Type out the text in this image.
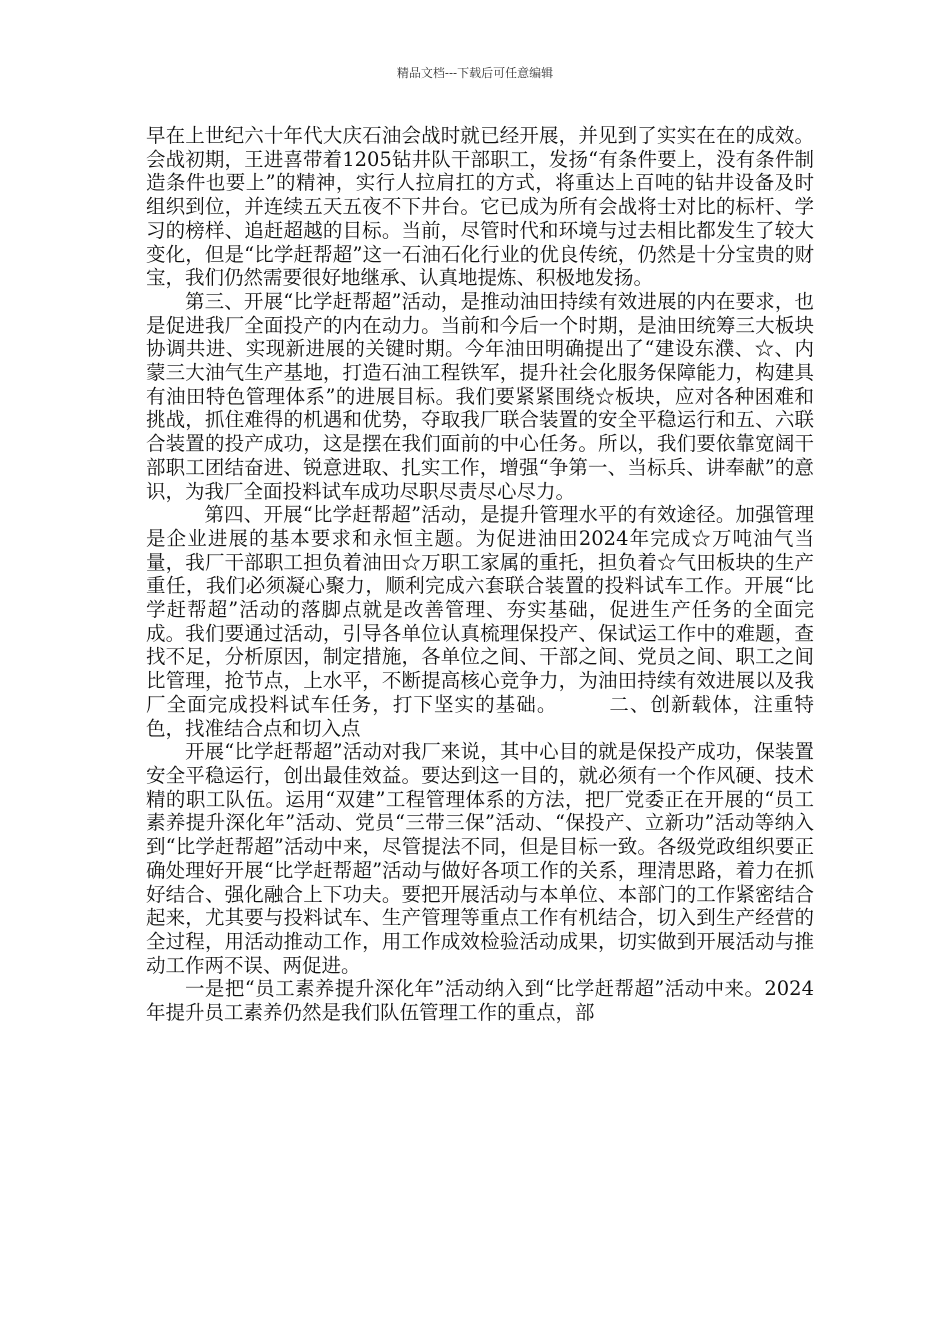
精品文档---下载后可任意编辑

早在上世纪六十年代大庆石油会战时就已经开展，并见到了实实在在的成效。会战初期，王进喜带着1205钻井队干部职工，发扬“有条件要上，没有条件制造条件也要上”的精神，实行人拉肩扛的方式，将重达上百吨的钻井设备及时组织到位，并连续五天五夜不下井台。它已成为所有会战将士对比的标杆、学习的榜样、追赶超越的目标。当前，尽管时代和环境与过去相比都发生了较大变化，但是“比学赶帮超”这一石油石化行业的优良传统，仍然是十分宝贵的财宝，我们仍然需要很好地继承、认真地提炼、积极地发扬。

第三、开展“比学赶帮超”活动，是推动油田持续有效进展的内在要求，也是促进我厂全面投产的内在动力。当前和今后一个时期，是油田统筹三大板块协调共进、实现新进展的关键时期。今年油田明确提出了“建设东濮、☆、内蒙三大油气生产基地，打造石油工程铁军，提升社会化服务保障能力，构建具有油田特色管理体系”的进展目标。我们要紧紧围绕☆板块，应对各种困难和挑战，抓住难得的机遇和优势，夺取我厂联合装置的安全平稳运行和五、六联合装置的投产成功，这是摆在我们面前的中心任务。所以，我们要依靠宽阔干部职工团结奋进、锐意进取、扎实工作，增强“争第一、当标兵、讲奉献”的意识，为我厂全面投料试车成功尽职尽责尽心尽力。

第四、开展“比学赶帮超”活动，是提升管理水平的有效途径。加强管理是企业进展的基本要求和永恒主题。为促进油田2024年完成☆万吨油气当量，我厂干部职工担负着油田☆万职工家属的重托，担负着☆气田板块的生产重任，我们必须凝心聚力，顺利完成六套联合装置的投料试车工作。开展“比学赶帮超”活动的落脚点就是改善管理、夯实基础，促进生产任务的全面完成。我们要通过活动，引导各单位认真梳理保投产、保试运工作中的难题，查找不足，分析原因，制定措施，各单位之间、干部之间、党员之间、职工之间比管理，抢节点，上水平，不断提高核心竞争力，为油田持续有效进展以及我厂全面完成投料试车任务，打下坚实的基础。　　　二、创新载体，注重特色，找准结合点和切入点

开展“比学赶帮超”活动对我厂来说，其中心目的就是保投产成功，保装置安全平稳运行，创出最佳效益。要达到这一目的，就必须有一个作风硬、技术精的职工队伍。运用“双建”工程管理体系的方法，把厂党委正在开展的“员工素养提升深化年”活动、党员“三带三保”活动、“保投产、立新功”活动等纳入到“比学赶帮超”活动中来，尽管提法不同，但是目标一致。各级党政组织要正确处理好开展“比学赶帮超”活动与做好各项工作的关系，理清思路，着力在抓好结合、强化融合上下功夫。要把开展活动与本单位、本部门的工作紧密结合起来，尤其要与投料试车、生产管理等重点工作有机结合，切入到生产经营的全过程，用活动推动工作，用工作成效检验活动成果，切实做到开展活动与推动工作两不误、两促进。

一是把“员工素养提升深化年”活动纳入到“比学赶帮超”活动中来。2024年提升员工素养仍然是我们队伍管理工作的重点，部
